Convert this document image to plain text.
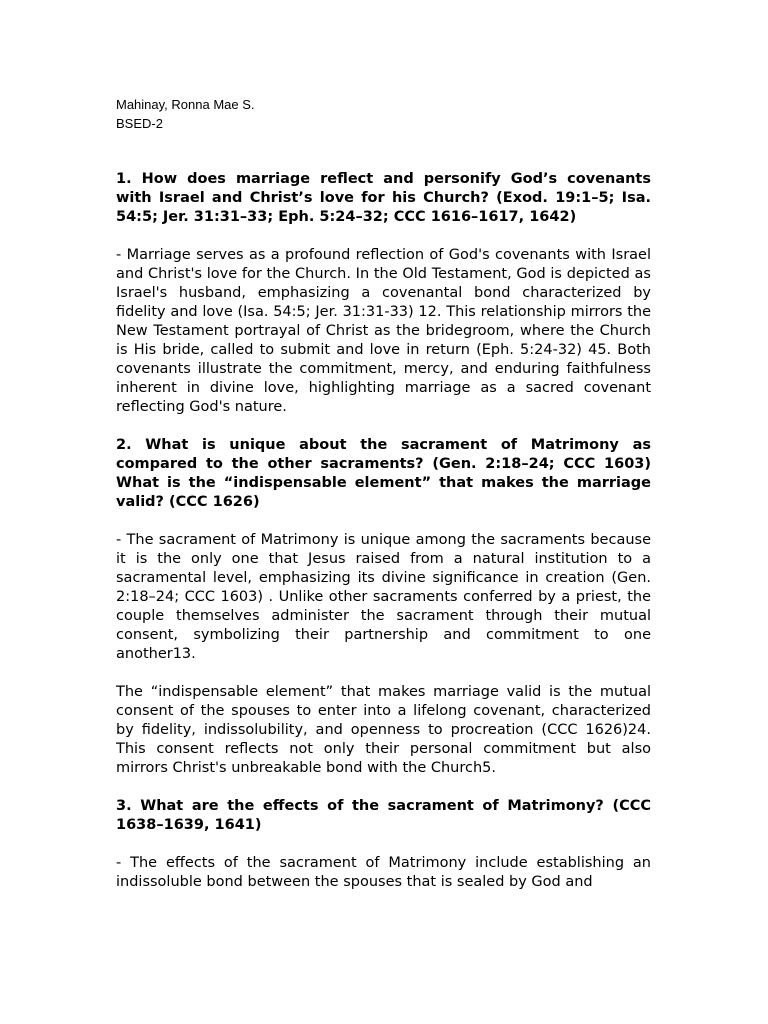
Mahinay, Ronna Mae S.
BSED-2

1. How does marriage reflect and personify God’s covenants with Israel and Christ’s love for his Church? (Exod. 19:1–5; Isa. 54:5; Jer. 31:31–33; Eph. 5:24–32; CCC 1616–1617, 1642)

- Marriage serves as a profound reflection of God's covenants with Israel and Christ's love for the Church. In the Old Testament, God is depicted as Israel's husband, emphasizing a covenantal bond characterized by fidelity and love (Isa. 54:5; Jer. 31:31-33) 12. This relationship mirrors the New Testament portrayal of Christ as the bridegroom, where the Church is His bride, called to submit and love in return (Eph. 5:24-32) 45. Both covenants illustrate the commitment, mercy, and enduring faithfulness inherent in divine love, highlighting marriage as a sacred covenant reflecting God's nature.

2. What is unique about the sacrament of Matrimony as compared to the other sacraments? (Gen. 2:18–24; CCC 1603) What is the “indispensable element” that makes the marriage valid? (CCC 1626)

- The sacrament of Matrimony is unique among the sacraments because it is the only one that Jesus raised from a natural institution to a sacramental level, emphasizing its divine significance in creation (Gen. 2:18–24; CCC 1603) . Unlike other sacraments conferred by a priest, the couple themselves administer the sacrament through their mutual consent, symbolizing their partnership and commitment to one another13.

The “indispensable element” that makes marriage valid is the mutual consent of the spouses to enter into a lifelong covenant, characterized by fidelity, indissolubility, and openness to procreation (CCC 1626)24. This consent reflects not only their personal commitment but also mirrors Christ's unbreakable bond with the Church5.

3. What are the effects of the sacrament of Matrimony? (CCC 1638–1639, 1641)

- The effects of the sacrament of Matrimony include establishing an indissoluble bond between the spouses that is sealed by God and
